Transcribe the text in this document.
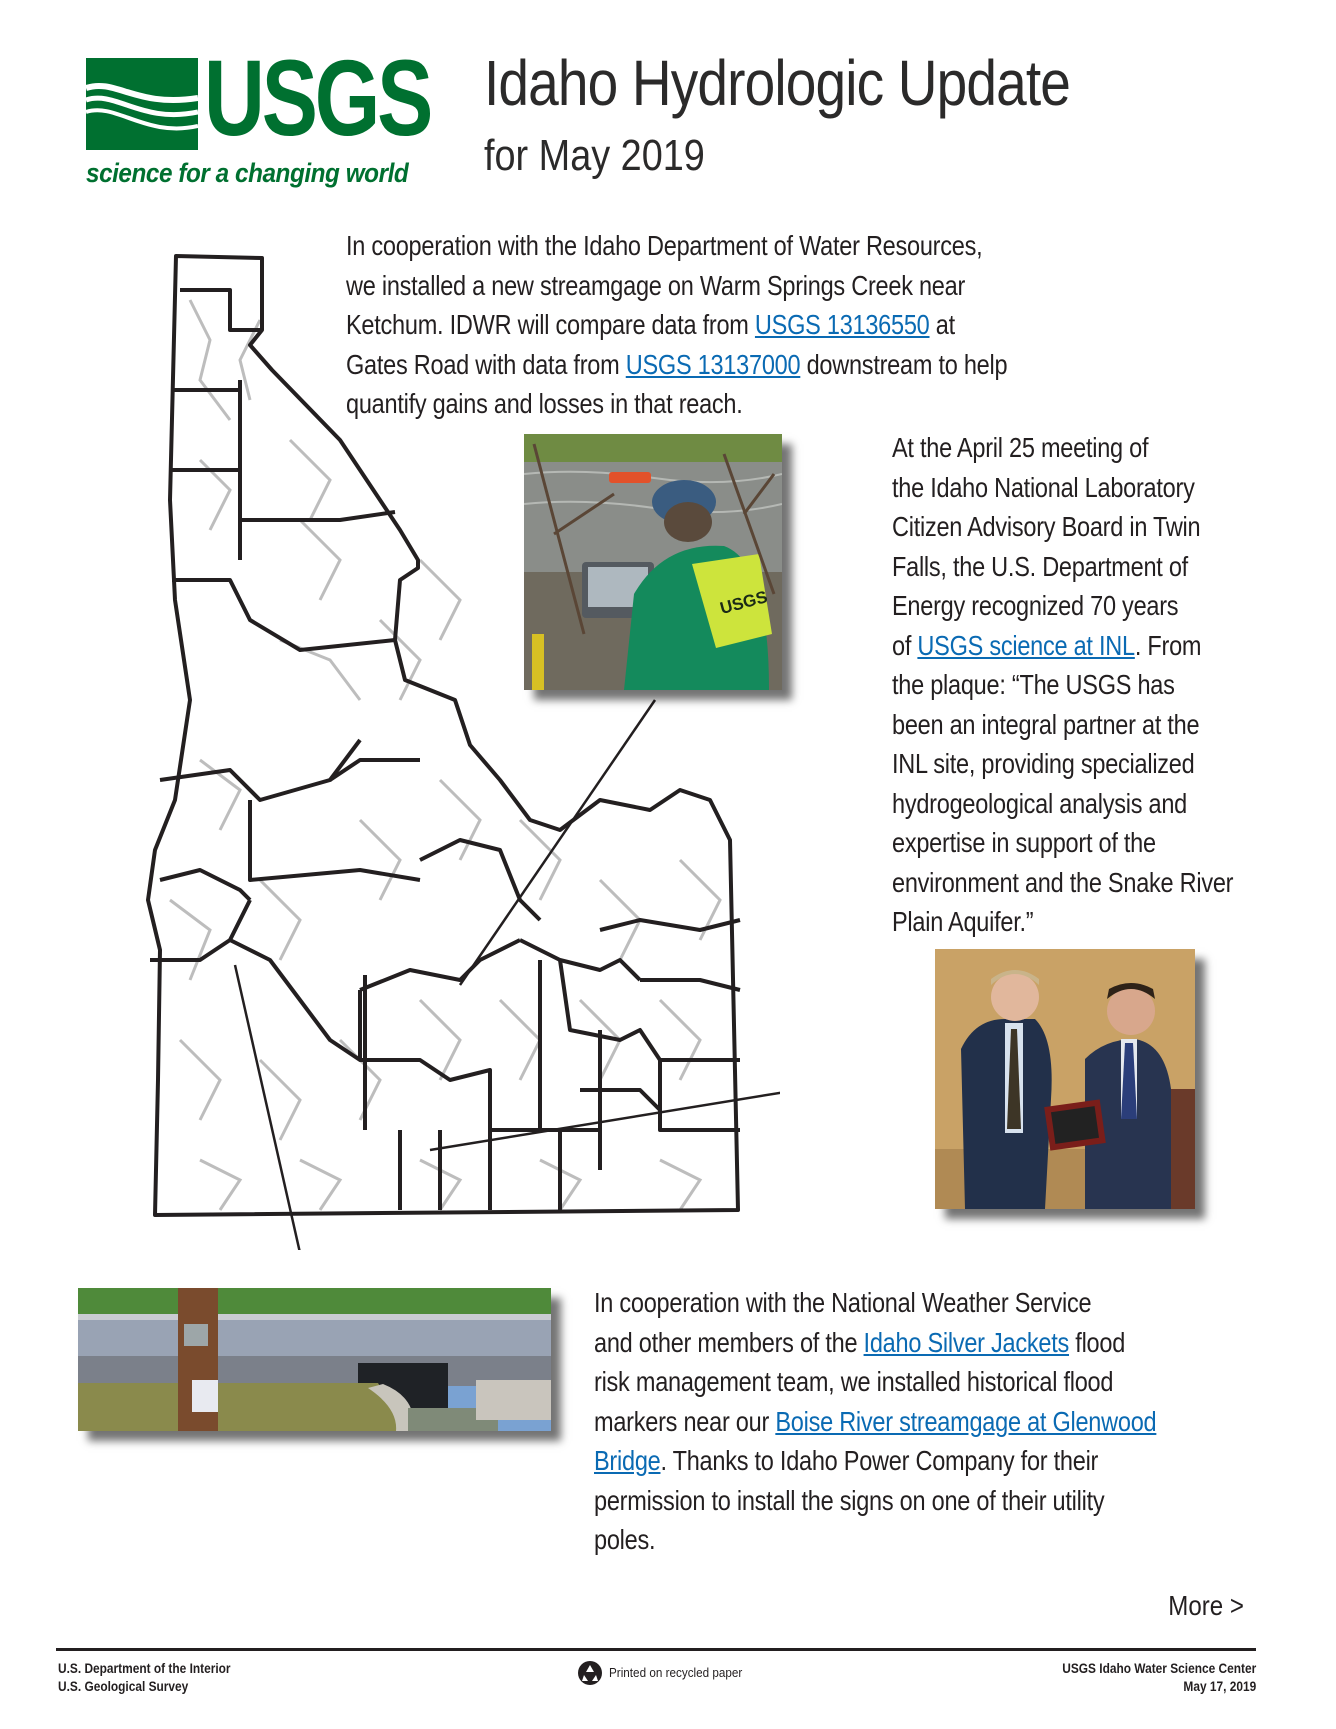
USGS
science for a changing world
Idaho Hydrologic Update
for May 2019
In cooperation with the Idaho Department of Water Resources,
we installed a new streamgage on Warm Springs Creek near
Ketchum. IDWR will compare data from USGS 13136550 at
Gates Road with data from USGS 13137000 downstream to help
quantify gains and losses in that reach.
USGS
At the April 25 meeting of
the Idaho National Laboratory
Citizen Advisory Board in Twin
Falls, the U.S. Department of
Energy recognized 70 years
of USGS science at INL. From
the plaque: “The USGS has
been an integral partner at the
INL site, providing specialized
hydrogeological analysis and
expertise in support of the
environment and the Snake River
Plain Aquifer.”
In cooperation with the National Weather Service
and other members of the Idaho Silver Jackets flood
risk management team, we installed historical flood
markers near our Boise River streamgage at Glenwood
Bridge. Thanks to Idaho Power Company for their
permission to install the signs on one of their utility
poles.
More >
U.S. Department of the Interior
U.S. Geological Survey
Printed on recycled paper	USGS Idaho Water Science Center
May 17, 2019
